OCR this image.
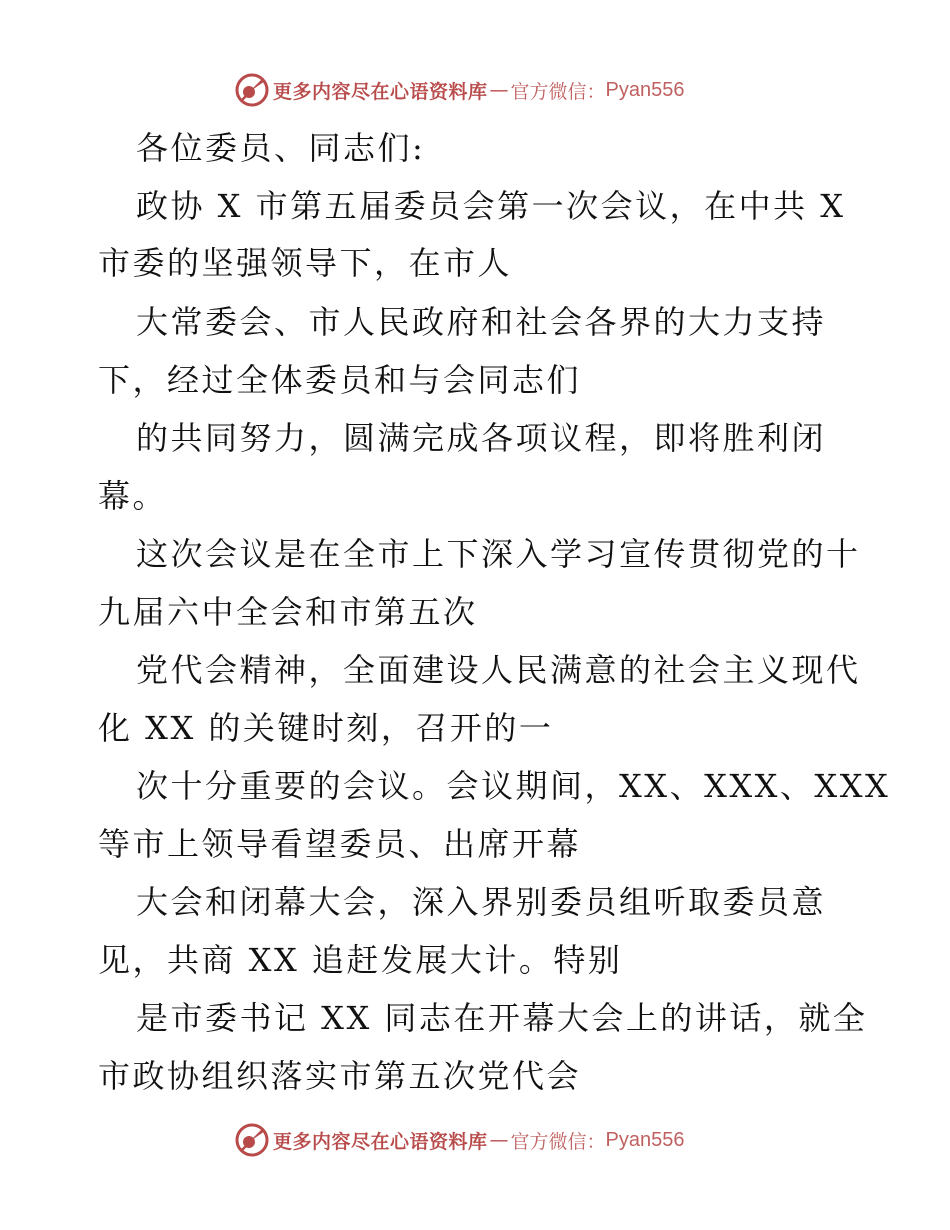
更多内容尽在心语资料库 — 官方微信： Pyan556
各位委员、同志们:
政协 X 市第五届委员会第一次会议，在中共 X
市委的坚强领导下，在市人
大常委会、市人民政府和社会各界的大力支持
下，经过全体委员和与会同志们
的共同努力，圆满完成各项议程，即将胜利闭
幕。
这次会议是在全市上下深入学习宣传贯彻党的十
九届六中全会和市第五次
党代会精神，全面建设人民满意的社会主义现代
化 XX 的关键时刻，召开的一
次十分重要的会议。会议期间，XX、XXX、XXX
等市上领导看望委员、出席开幕
大会和闭幕大会，深入界别委员组听取委员意
见，共商 XX 追赶发展大计。特别
是市委书记 XX 同志在开幕大会上的讲话，就全
市政协组织落实市第五次党代会
更多内容尽在心语资料库 — 官方微信： Pyan556
